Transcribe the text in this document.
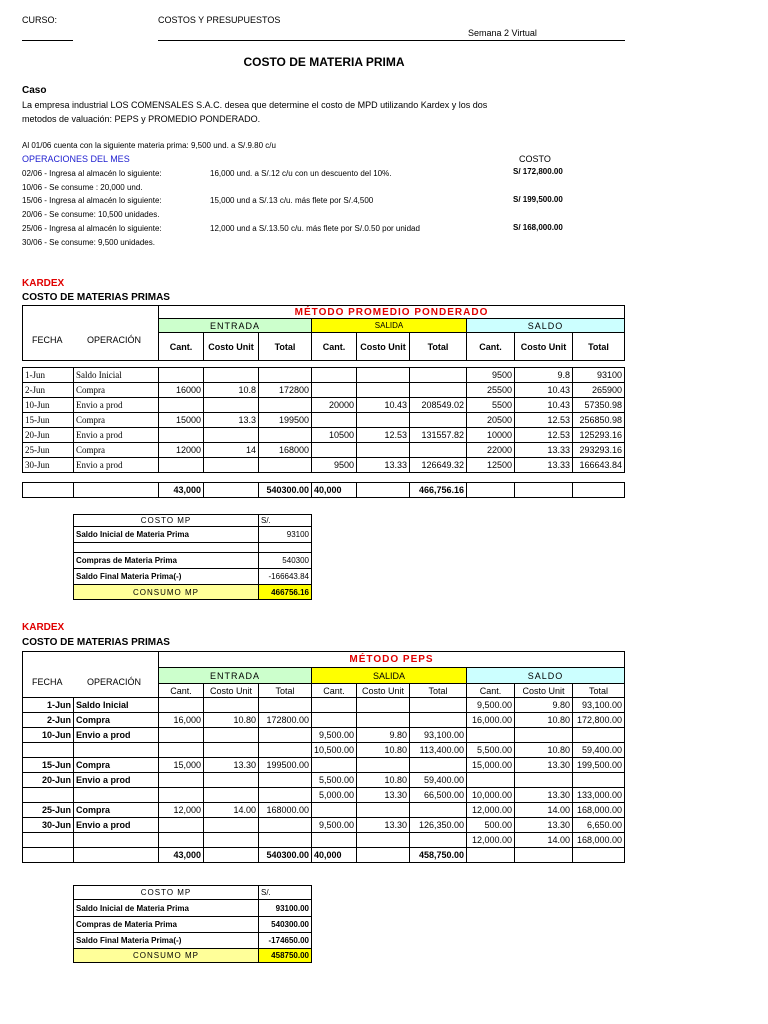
CURSO:	COSTOS Y PRESUPUESTOS
Semana 2 Virtual
COSTO DE MATERIA PRIMA
Caso
La empresa industrial LOS COMENSALES S.A.C. desea que determine el costo de MPD utilizando Kardex y los dos
metodos de valuación: PEPS y PROMEDIO PONDERADO.
Al 01/06 cuenta con la siguiente materia prima: 9,500 und. a S/.9.80 c/u
OPERACIONES DEL MES	COSTO
02/06 - Ingresa al almacén lo siguiente:	16,000 und. a S/.12 c/u con un descuento del 10%.	S/ 172,800.00
10/06 - Se consume : 20,000 und.
15/06 - Ingresa al almacén lo siguiente:	15,000 und a S/.13 c/u. más flete por S/.4,500	S/ 199,500.00
20/06 - Se consume: 10,500 unidades.
25/06 - Ingresa al almacén lo siguiente:	12,000 und a S/.13.50 c/u. más flete por S/.0.50 por unidad	S/ 168,000.00
30/06 - Se consume: 9,500 unidades.
KARDEX
COSTO DE MATERIAS PRIMAS
		MÉTODO PROMEDIO PONDERADO								
		ENTRADA			SALIDA			SALDO		
		Cant.	Costo Unit	Total	Cant.	Costo Unit	Total	Cant.	Costo Unit	Total

1-Jun	Saldo Inicial							9500	9.8	93100
2-Jun	Compra	16000	10.8	172800				25500	10.43	265900
10-Jun	Envio a prod				20000	10.43	208549.02	5500	10.43	57350.98
15-Jun	Compra	15000	13.3	199500				20500	12.53	256850.98
20-Jun	Envio a prod				10500	12.53	131557.82	10000	12.53	125293.16
25-Jun	Compra	12000	14	168000				22000	13.33	293293.16
30-Jun	Envio a prod				9500	13.33	126649.32	12500	13.33	166643.84
FECHA	OPERACIÓN
		43,000		540300.00	40,000		466,756.16			
COSTO MP	S/.
Saldo Inicial de Materia Prima	93100

Compras de Materia Prima	540300
Saldo Final Materia Prima(-)	-166643.84
CONSUMO MP	466756.16
KARDEX
COSTO DE MATERIAS PRIMAS
		MÉTODO PEPS								
		ENTRADA			SALIDA			SALDO		
		Cant.	Costo Unit	Total	Cant.	Costo Unit	Total	Cant.	Costo Unit	Total
1-Jun	Saldo Inicial							9,500.00	9.80	93,100.00
2-Jun	Compra	16,000	10.80	172800.00				16,000.00	10.80	172,800.00
10-Jun	Envio a prod				9,500.00	9.80	93,100.00			
					10,500.00	10.80	113,400.00	5,500.00	10.80	59,400.00
15-Jun	Compra	15,000	13.30	199500.00				15,000.00	13.30	199,500.00
20-Jun	Envio a prod				5,500.00	10.80	59,400.00			
					5,000.00	13.30	66,500.00	10,000.00	13.30	133,000.00
25-Jun	Compra	12,000	14.00	168000.00				12,000.00	14.00	168,000.00
30-Jun	Envio a prod				9,500.00	13.30	126,350.00	500.00	13.30	6,650.00
								12,000.00	14.00	168,000.00
		43,000		540300.00	40,000		458,750.00			
FECHA	OPERACIÓN
COSTO MP	S/.
Saldo Inicial de Materia Prima	93100.00
Compras de Materia Prima	540300.00
Saldo Final Materia Prima(-)	-174650.00
CONSUMO MP	458750.00
